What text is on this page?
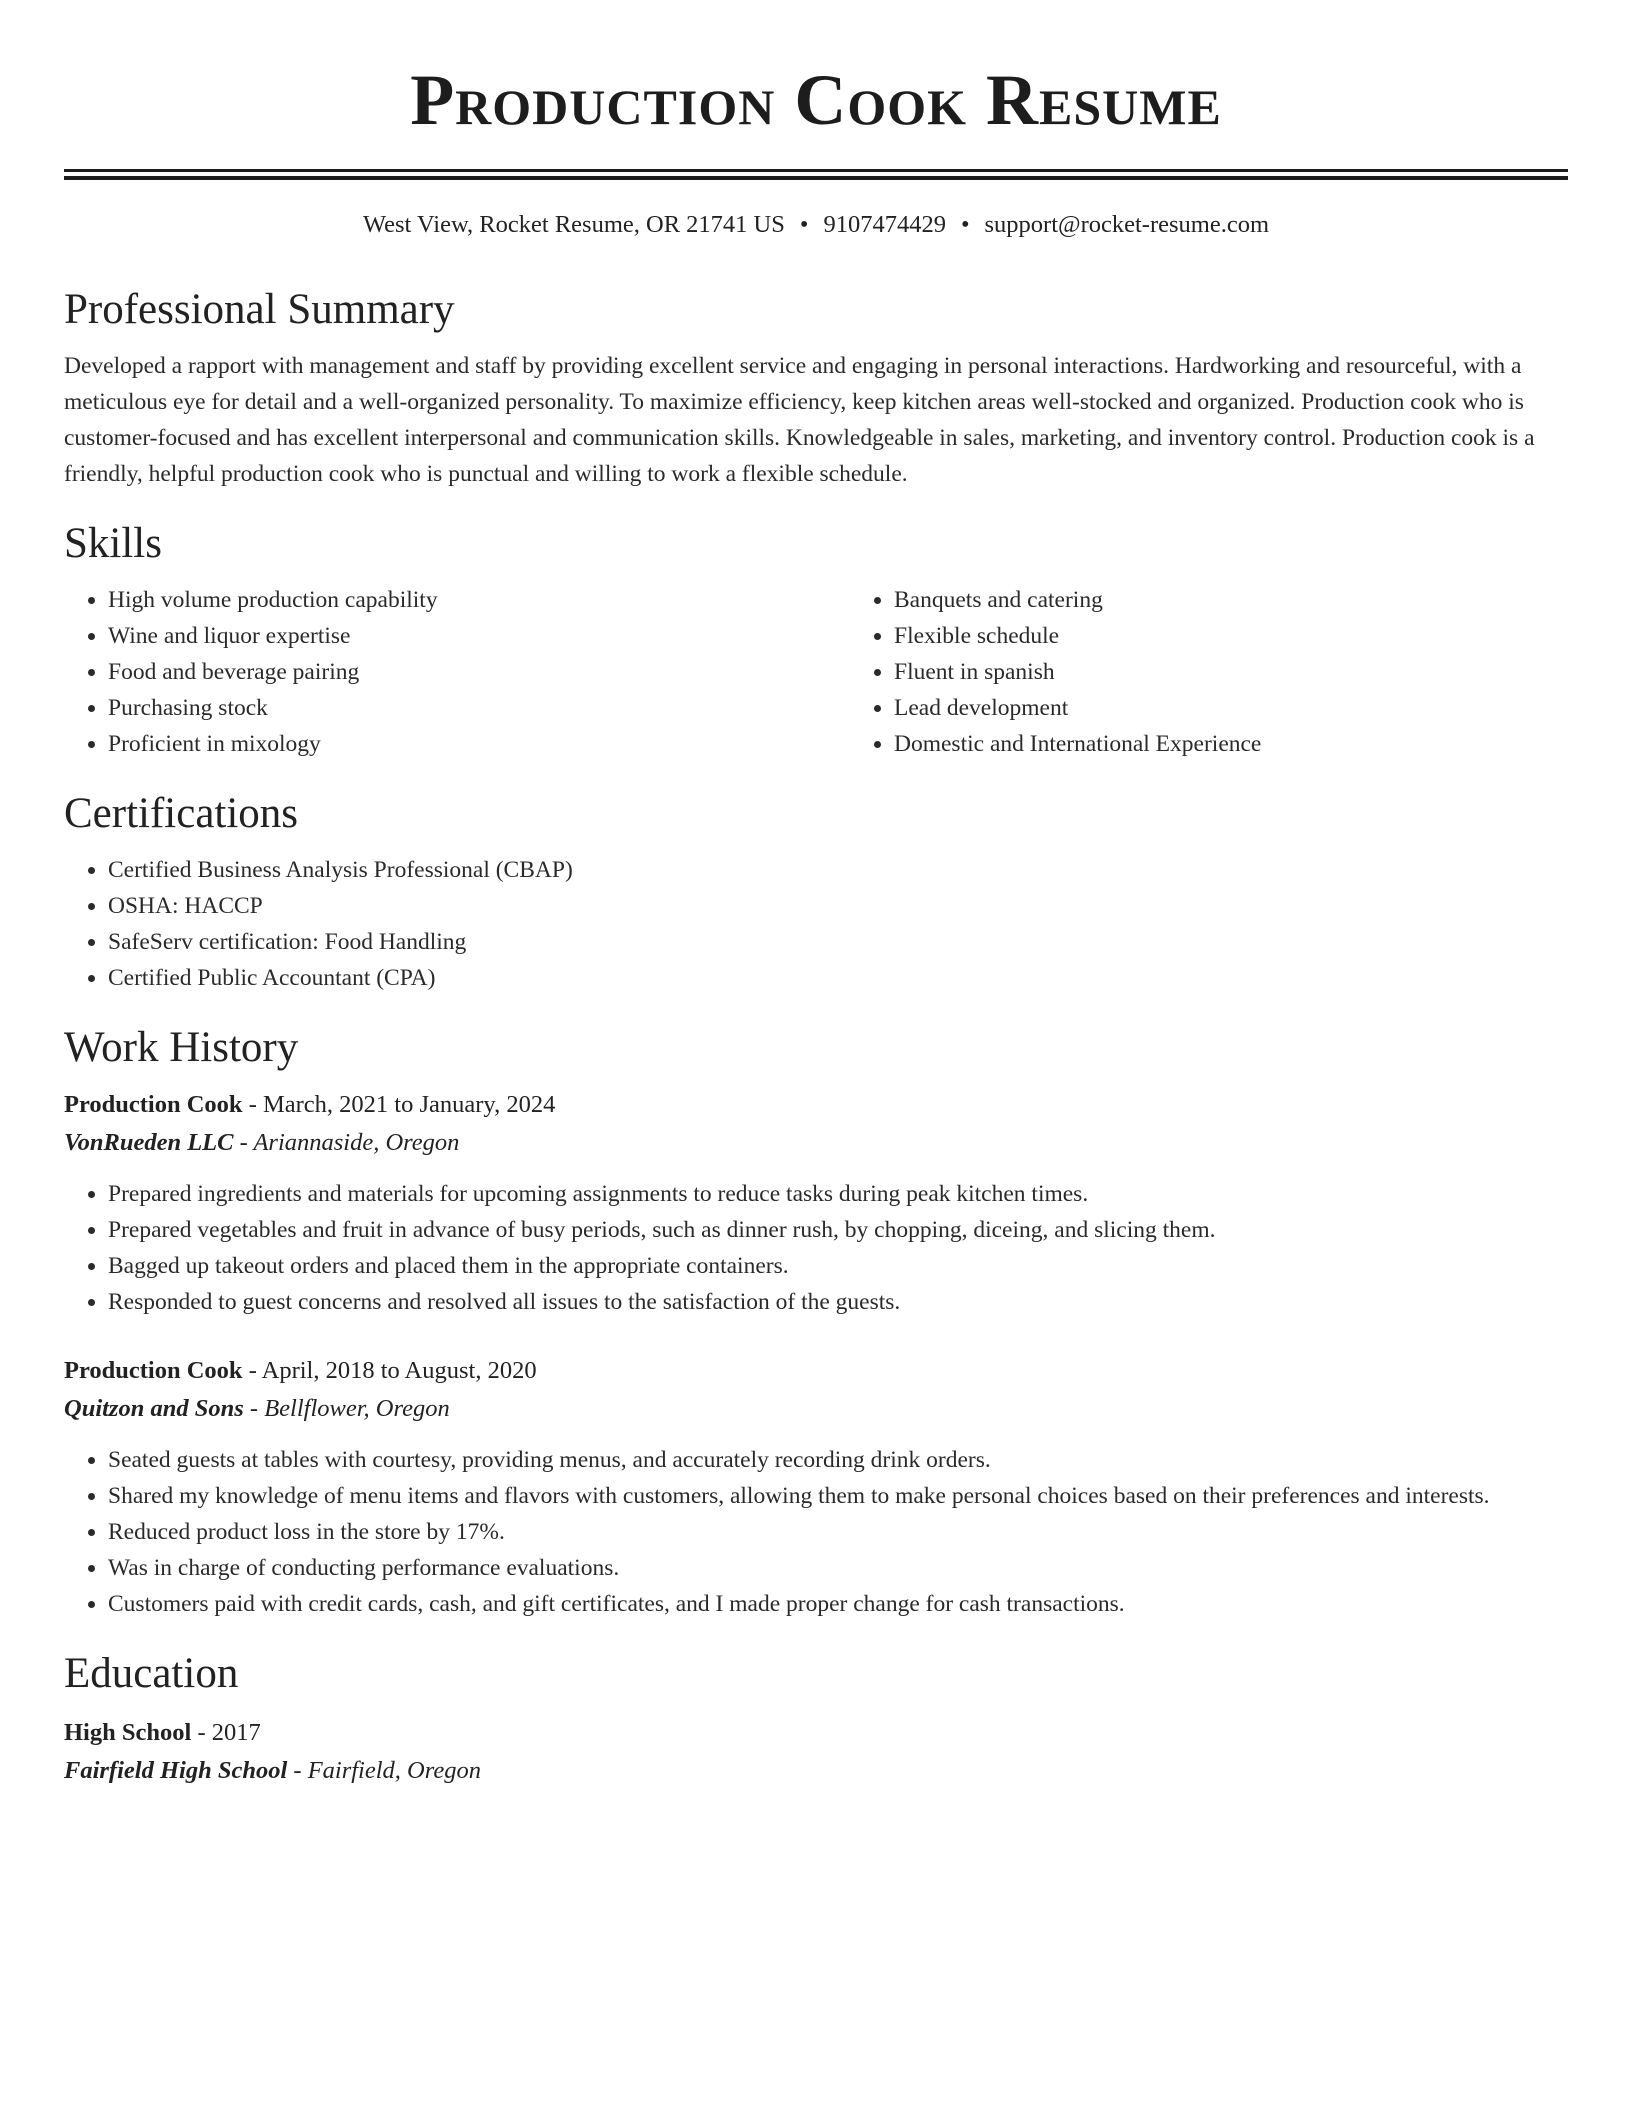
Production Cook Resume
West View, Rocket Resume, OR 21741 US • 9107474429 • support@rocket-resume.com
Professional Summary

Developed a rapport with management and staff by providing excellent service and engaging in personal interactions. Hardworking and resourceful, with a meticulous eye for detail and a well-organized personality. To maximize efficiency, keep kitchen areas well-stocked and organized. Production cook who is customer-focused and has excellent interpersonal and communication skills. Knowledgeable in sales, marketing, and inventory control. Production cook is a friendly, helpful production cook who is punctual and willing to work a flexible schedule.

Skills
• High volume production capability
• Wine and liquor expertise
• Food and beverage pairing
• Purchasing stock
• Proficient in mixology
• Banquets and catering
• Flexible schedule
• Fluent in spanish
• Lead development
• Domestic and International Experience
Certifications
• Certified Business Analysis Professional (CBAP)
• OSHA: HACCP
• SafeServ certification: Food Handling
• Certified Public Accountant (CPA)
Work History
Production Cook - March, 2021 to January, 2024
VonRueden LLC - Ariannaside, Oregon
• Prepared ingredients and materials for upcoming assignments to reduce tasks during peak kitchen times.
• Prepared vegetables and fruit in advance of busy periods, such as dinner rush, by chopping, diceing, and slicing them.
• Bagged up takeout orders and placed them in the appropriate containers.
• Responded to guest concerns and resolved all issues to the satisfaction of the guests.
Production Cook - April, 2018 to August, 2020
Quitzon and Sons - Bellflower, Oregon
• Seated guests at tables with courtesy, providing menus, and accurately recording drink orders.
• Shared my knowledge of menu items and flavors with customers, allowing them to make personal choices based on their preferences and interests.
• Reduced product loss in the store by 17%.
• Was in charge of conducting performance evaluations.
• Customers paid with credit cards, cash, and gift certificates, and I made proper change for cash transactions.
Education
High School - 2017
Fairfield High School - Fairfield, Oregon
